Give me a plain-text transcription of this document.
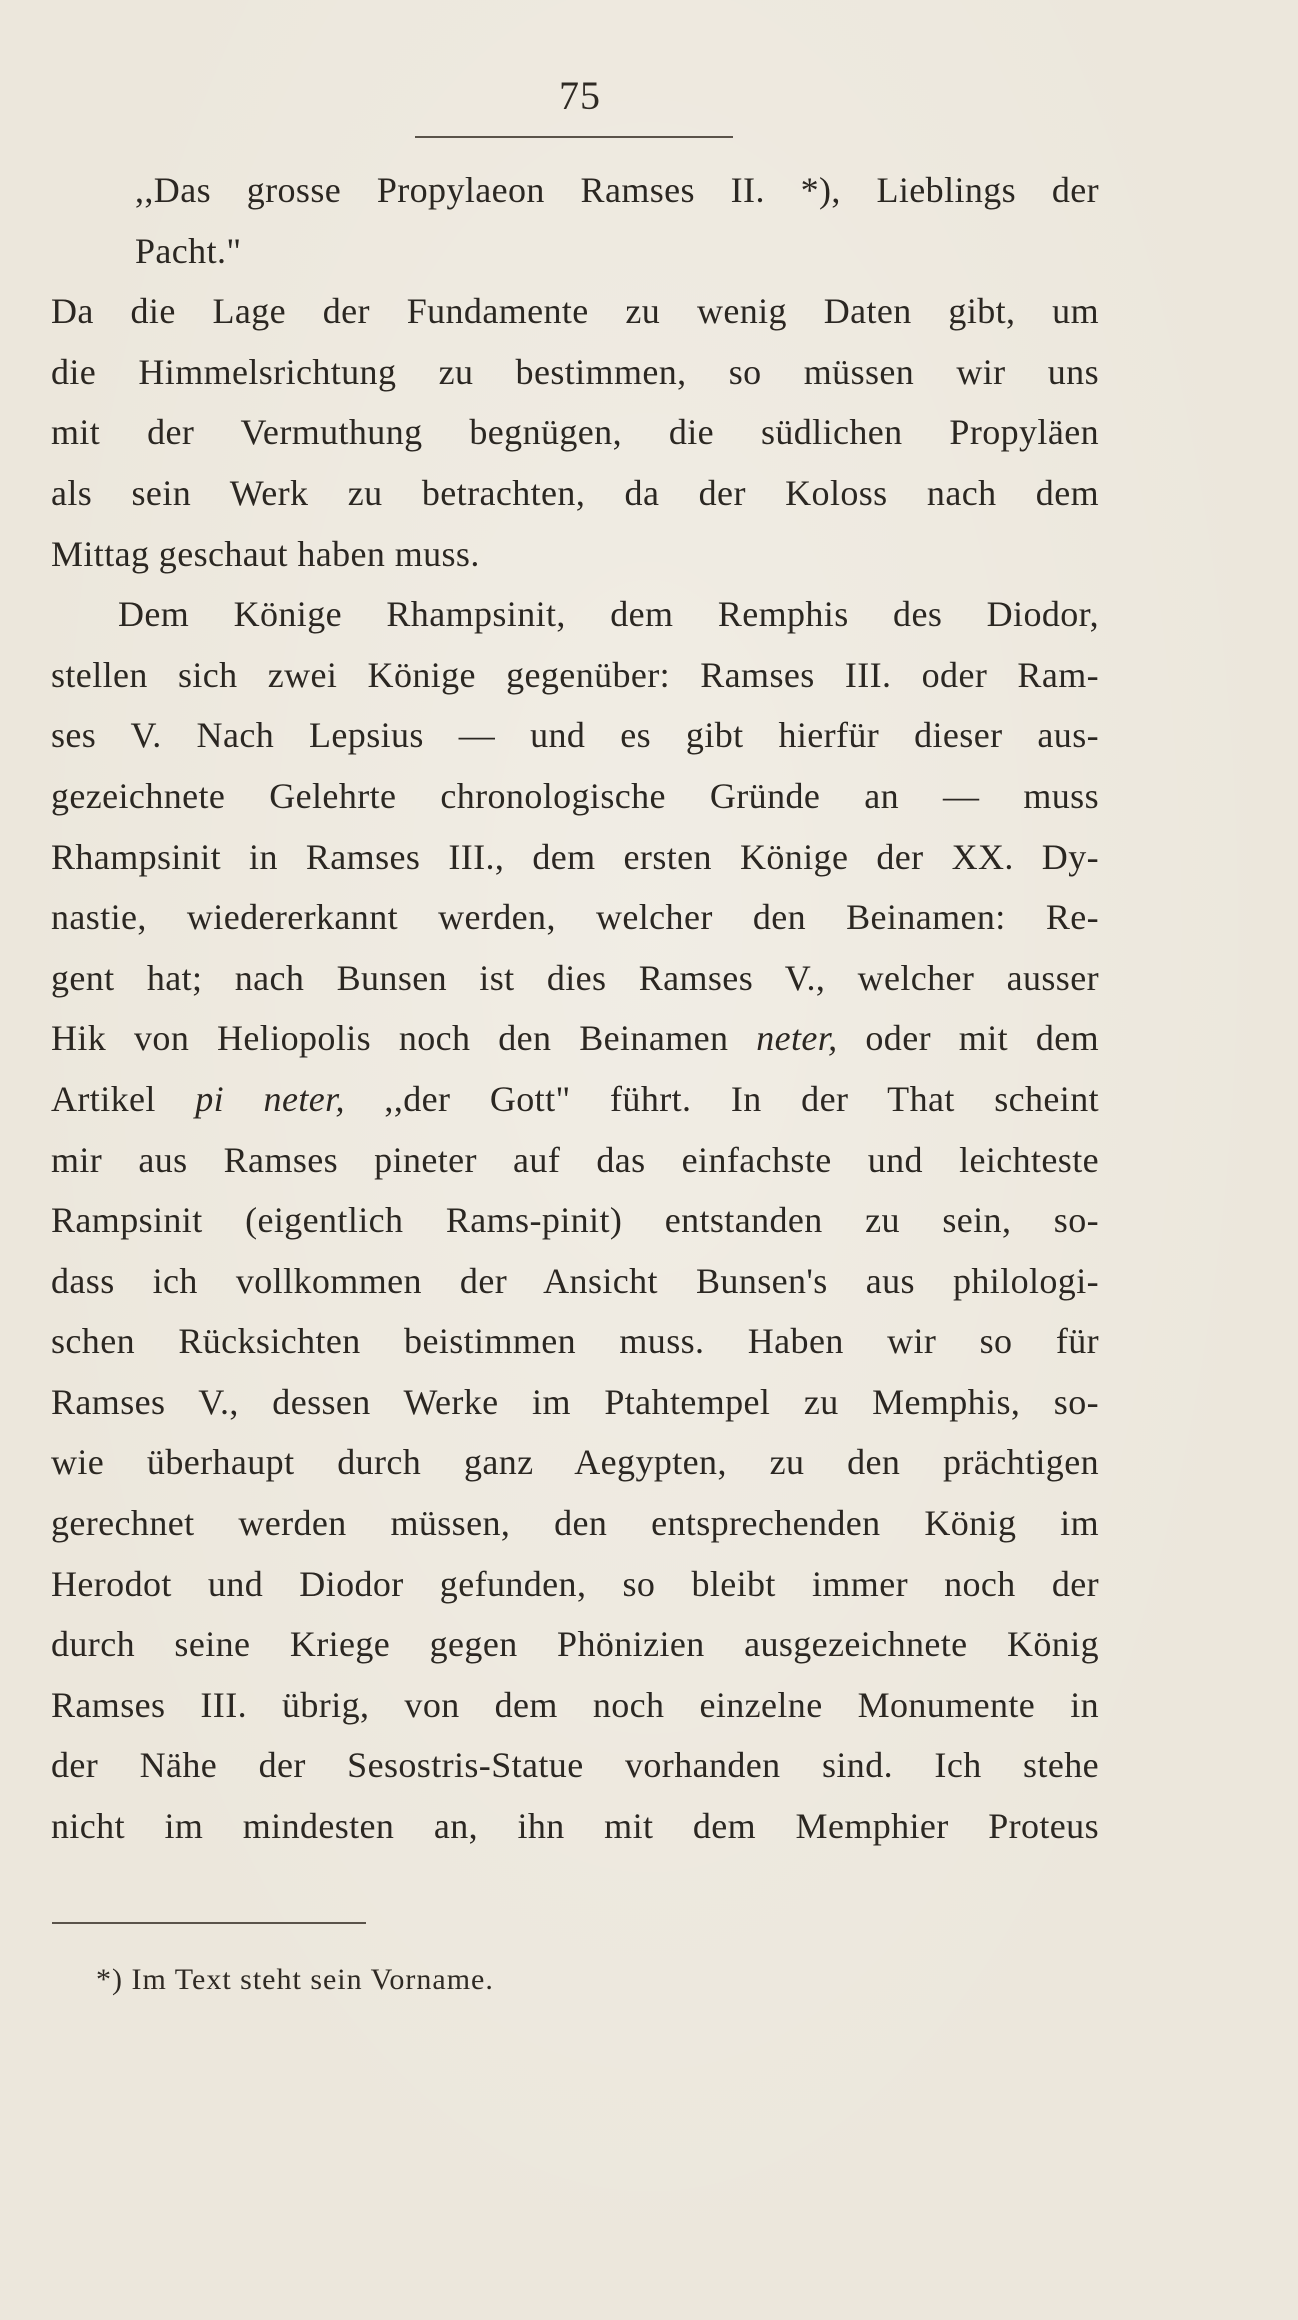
75
,,Das grosse Propylaeon Ramses II. *), Lieblings der
Pacht."
Da die Lage der Fundamente zu wenig Daten gibt, um
die Himmelsrichtung zu bestimmen, so müssen wir uns
mit der Vermuthung begnügen, die südlichen Propyläen
als sein Werk zu betrachten, da der Koloss nach dem
Mittag geschaut haben muss.
Dem Könige Rhampsinit, dem Remphis des Diodor,
stellen sich zwei Könige gegenüber: Ramses III. oder Ram-
ses V. Nach Lepsius — und es gibt hierfür dieser aus-
gezeichnete Gelehrte chronologische Gründe an — muss
Rhampsinit in Ramses III., dem ersten Könige der XX. Dy-
nastie, wiedererkannt werden, welcher den Beinamen: Re-
gent hat; nach Bunsen ist dies Ramses V., welcher ausser
Hik von Heliopolis noch den Beinamen neter, oder mit dem
Artikel pi neter, ,,der Gott" führt. In der That scheint
mir aus Ramses pineter auf das einfachste und leichteste
Rampsinit (eigentlich Rams-pinit) entstanden zu sein, so-
dass ich vollkommen der Ansicht Bunsen's aus philologi-
schen Rücksichten beistimmen muss. Haben wir so für
Ramses V., dessen Werke im Ptahtempel zu Memphis, so-
wie überhaupt durch ganz Aegypten, zu den prächtigen
gerechnet werden müssen, den entsprechenden König im
Herodot und Diodor gefunden, so bleibt immer noch der
durch seine Kriege gegen Phönizien ausgezeichnete König
Ramses III. übrig, von dem noch einzelne Monumente in
der Nähe der Sesostris-Statue vorhanden sind. Ich stehe
nicht im mindesten an, ihn mit dem Memphier Proteus
*) Im Text steht sein Vorname.
